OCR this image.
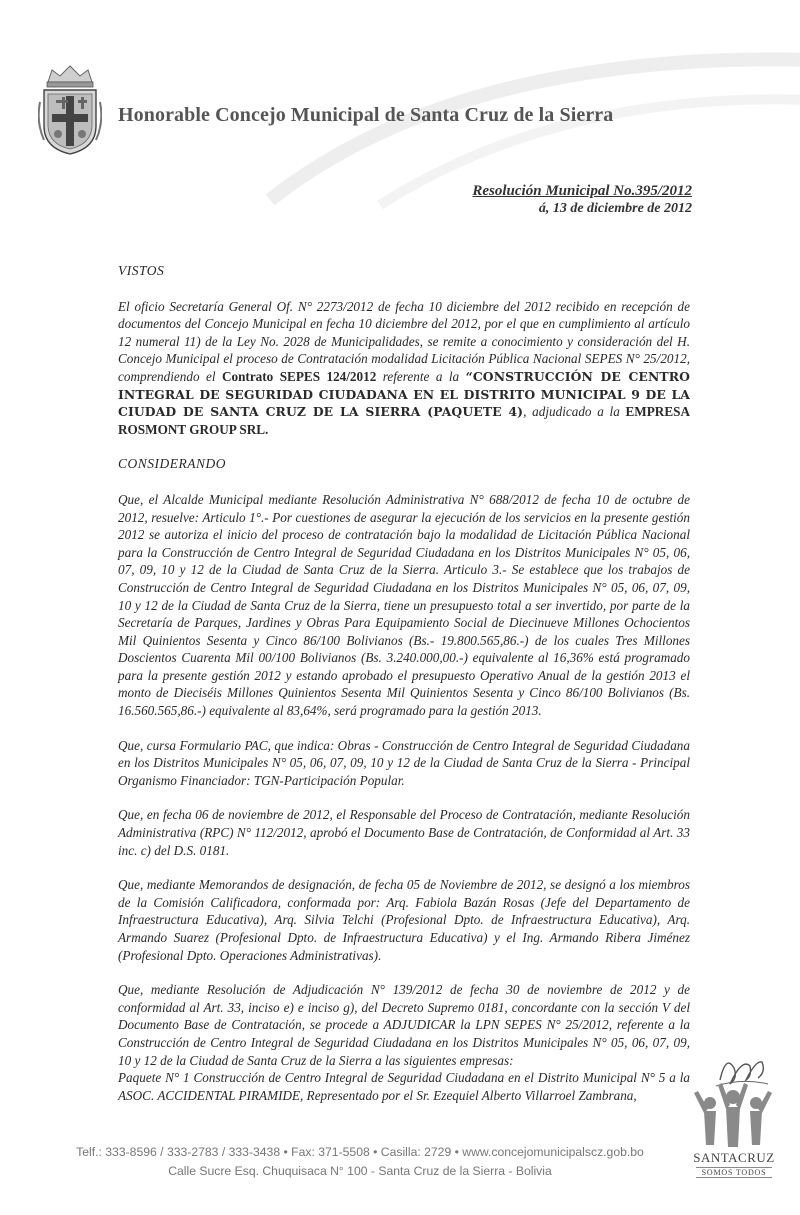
Honorable Concejo Municipal de Santa Cruz de la Sierra
Resolución Municipal No.395/2012
á, 13 de diciembre de 2012
VISTOS

El oficio Secretaría General Of. N° 2273/2012 de fecha 10 diciembre del 2012 recibido en recepción de documentos del Concejo Municipal en fecha 10 diciembre del 2012, por el que en cumplimiento al artículo 12 numeral 11) de la Ley No. 2028 de Municipalidades, se remite a conocimiento y consideración del H. Concejo Municipal el proceso de Contratación modalidad Licitación Pública Nacional SEPES N° 25/2012, comprendiendo el Contrato SEPES 124/2012 referente a la “CONSTRUCCIÓN DE CENTRO INTEGRAL DE SEGURIDAD CIUDADANA EN EL DISTRITO MUNICIPAL 9 DE LA CIUDAD DE SANTA CRUZ DE LA SIERRA (PAQUETE 4), adjudicado a la EMPRESA ROSMONT GROUP SRL.

CONSIDERANDO

Que, el Alcalde Municipal mediante Resolución Administrativa N° 688/2012 de fecha 10 de octubre de 2012, resuelve: Articulo 1°.- Por cuestiones de asegurar la ejecución de los servicios en la presente gestión 2012 se autoriza el inicio del proceso de contratación bajo la modalidad de Licitación Pública Nacional para la Construcción de Centro Integral de Seguridad Ciudadana en los Distritos Municipales N° 05, 06, 07, 09, 10 y 12 de la Ciudad de Santa Cruz de la Sierra. Articulo 3.- Se establece que los trabajos de Construcción de Centro Integral de Seguridad Ciudadana en los Distritos Municipales N° 05, 06, 07, 09, 10 y 12 de la Ciudad de Santa Cruz de la Sierra, tiene un presupuesto total a ser invertido, por parte de la Secretaría de Parques, Jardines y Obras Para Equipamiento Social de Diecinueve Millones Ochocientos Mil Quinientos Sesenta y Cinco 86/100 Bolivianos (Bs.- 19.800.565,86.-) de los cuales Tres Millones Doscientos Cuarenta Mil 00/100 Bolivianos (Bs. 3.240.000,00.-) equivalente al 16,36% está programado para la presente gestión 2012 y estando aprobado el presupuesto Operativo Anual de la gestión 2013 el monto de Dieciséis Millones Quinientos Sesenta Mil Quinientos Sesenta y Cinco 86/100 Bolivianos (Bs. 16.560.565,86.-) equivalente al 83,64%, será programado para la gestión 2013.

Que, cursa Formulario PAC, que indica: Obras - Construcción de Centro Integral de Seguridad Ciudadana en los Distritos Municipales N° 05, 06, 07, 09, 10 y 12 de la Ciudad de Santa Cruz de la Sierra - Principal Organismo Financiador: TGN-Participación Popular.

Que, en fecha 06 de noviembre de 2012, el Responsable del Proceso de Contratación, mediante Resolución Administrativa (RPC) N° 112/2012, aprobó el Documento Base de Contratación, de Conformidad al Art. 33 inc. c) del D.S. 0181.

Que, mediante Memorandos de designación, de fecha 05 de Noviembre de 2012, se designó a los miembros de la Comisión Calificadora, conformada por: Arq. Fabiola Bazán Rosas (Jefe del Departamento de Infraestructura Educativa), Arq. Silvia Telchi (Profesional Dpto. de Infraestructura Educativa), Arq. Armando Suarez (Profesional Dpto. de Infraestructura Educativa) y el Ing. Armando Ribera Jiménez (Profesional Dpto. Operaciones Administrativas).

Que, mediante Resolución de Adjudicación N° 139/2012 de fecha 30 de noviembre de 2012 y de conformidad al Art. 33, inciso e) e inciso g), del Decreto Supremo 0181, concordante con la sección V del Documento Base de Contratación, se procede a ADJUDICAR la LPN SEPES N° 25/2012, referente a la Construcción de Centro Integral de Seguridad Ciudadana en los Distritos Municipales N° 05, 06, 07, 09, 10 y 12 de la Ciudad de Santa Cruz de la Sierra a las siguientes empresas:
Paquete N° 1 Construcción de Centro Integral de Seguridad Ciudadana en el Distrito Municipal N° 5 a la ASOC. ACCIDENTAL PIRAMIDE, Representado por el Sr. Ezequiel Alberto Villarroel Zambrana,

Telf.: 333-8596 / 333-2783 / 333-3438 • Fax: 371-5508 • Casilla: 2729 • www.concejomunicipalscz.gob.bo
Calle Sucre Esq. Chuquisaca N° 100 - Santa Cruz de la Sierra - Bolivia
SANTACRUZ
SOMOS TODOS
